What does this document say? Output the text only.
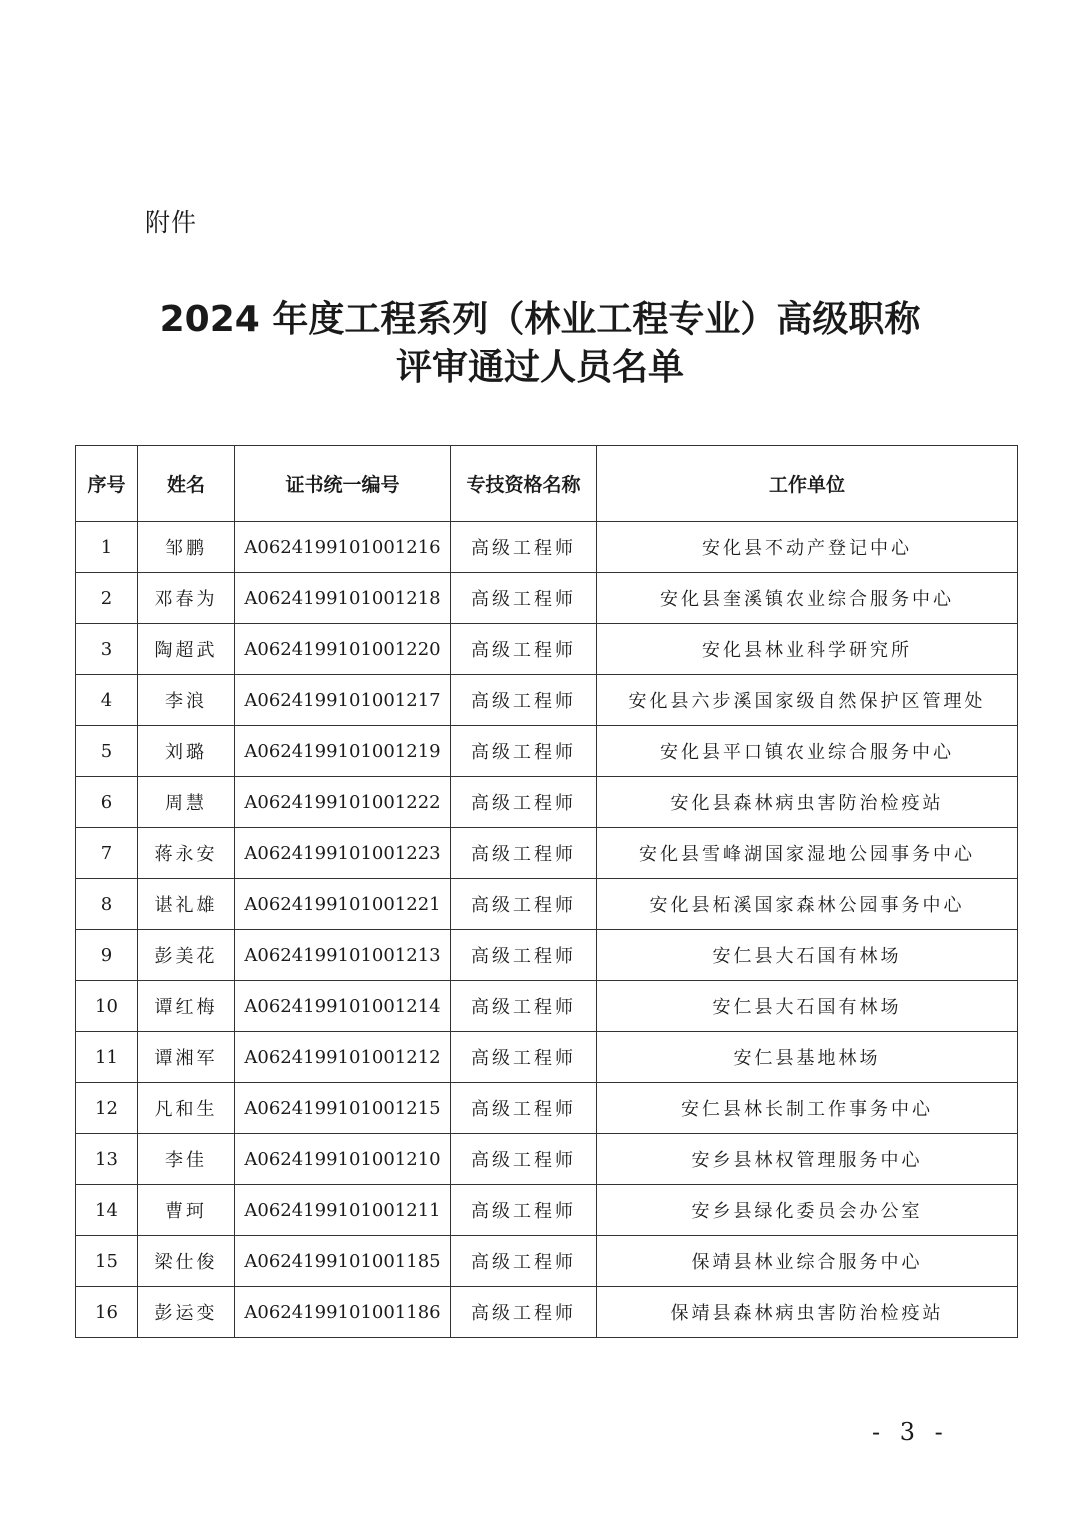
附件
2024 年度工程系列（林业工程专业）高级职称
评审通过人员名单
序号	姓名	证书统一编号	专技资格名称	工作单位
1	邹鹏	A0624199101001216	高级工程师	安化县不动产登记中心
2	邓春为	A0624199101001218	高级工程师	安化县奎溪镇农业综合服务中心
3	陶超武	A0624199101001220	高级工程师	安化县林业科学研究所
4	李浪	A0624199101001217	高级工程师	安化县六步溪国家级自然保护区管理处
5	刘璐	A0624199101001219	高级工程师	安化县平口镇农业综合服务中心
6	周慧	A0624199101001222	高级工程师	安化县森林病虫害防治检疫站
7	蒋永安	A0624199101001223	高级工程师	安化县雪峰湖国家湿地公园事务中心
8	谌礼雄	A0624199101001221	高级工程师	安化县柘溪国家森林公园事务中心
9	彭美花	A0624199101001213	高级工程师	安仁县大石国有林场
10	谭红梅	A0624199101001214	高级工程师	安仁县大石国有林场
11	谭湘军	A0624199101001212	高级工程师	安仁县基地林场
12	凡和生	A0624199101001215	高级工程师	安仁县林长制工作事务中心
13	李佳	A0624199101001210	高级工程师	安乡县林权管理服务中心
14	曹珂	A0624199101001211	高级工程师	安乡县绿化委员会办公室
15	梁仕俊	A0624199101001185	高级工程师	保靖县林业综合服务中心
16	彭运变	A0624199101001186	高级工程师	保靖县森林病虫害防治检疫站
- 3 -
